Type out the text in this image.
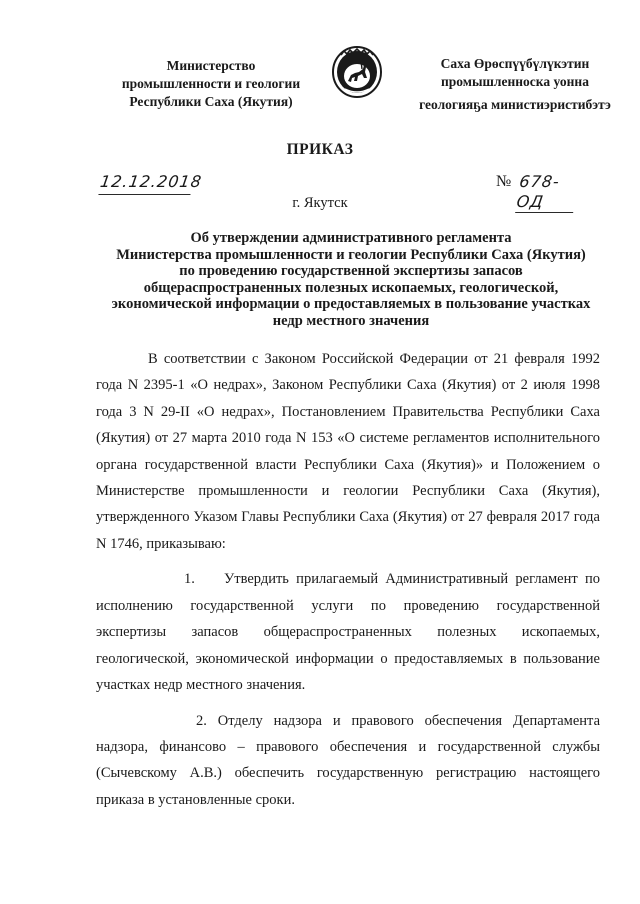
Министерство
промышленности и геологии
Республики Саха (Якутия)
Саха Өрөспүүбүлүкэтин
промышленноска уонна
геологияҕа министиэристибэтэ
ПРИКАЗ
12.12.2018	№ 678-ОД
г. Якутск
Об утверждении административного регламента
Министерства промышленности и геологии Республики Саха (Якутия)
по проведению государственной экспертизы запасов
общераспространенных полезных ископаемых, геологической,
экономической информации о предоставляемых в пользование участках
недр местного значения

В соответствии с Законом Российской Федерации от 21 февраля 1992 года N 2395-1 «О недрах», Законом Республики Саха (Якутия) от 2 июля 1998 года 3 N 29-II «О недрах», Постановлением Правительства Республики Саха (Якутия) от 27 марта 2010 года N 153 «О системе регламентов исполнительного органа государственной власти Республики Саха (Якутия)» и Положением о Министерстве промышленности и геологии Республики Саха (Якутия), утвержденного Указом Главы Республики Саха (Якутия) от 27 февраля 2017 года N 1746, приказываю:

1. Утвердить прилагаемый Административный регламент по исполнению государственной услуги по проведению государственной экспертизы запасов общераспространенных полезных ископаемых, геологической, экономической информации о предоставляемых в пользование участках недр местного значения.

2. Отделу надзора и правового обеспечения Департамента надзора, финансово – правового обеспечения и государственной службы (Сычевскому А.В.) обеспечить государственную регистрацию настоящего приказа в установленные сроки.
